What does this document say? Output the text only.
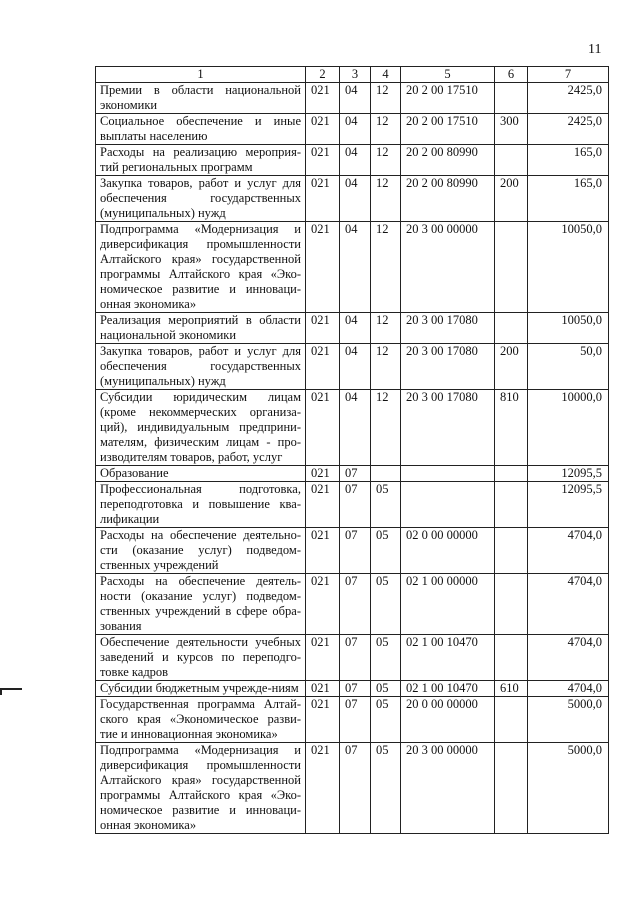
11
1	2	3	4	5	6	7
Премии в области национальной экономики	021	04	12	20 2 00 17510		2425,0
Социальное обеспечение и иные выплаты населению	021	04	12	20 2 00 17510	300	2425,0
Расходы на реализацию мероприя-тий региональных программ	021	04	12	20 2 00 80990		165,0
Закупка товаров, работ и услуг для обеспечения государственных (муниципальных) нужд	021	04	12	20 2 00 80990	200	165,0
Подпрограмма «Модернизация и диверсификация промышленности Алтайского края» государственной программы Алтайского края «Эко-номическое развитие и инноваци-онная экономика»	021	04	12	20 3 00 00000		10050,0
Реализация мероприятий в области национальной экономики	021	04	12	20 3 00 17080		10050,0
Закупка товаров, работ и услуг для обеспечения государственных (муниципальных) нужд	021	04	12	20 3 00 17080	200	50,0
Субсидии юридическим лицам (кроме некоммерческих организа-ций), индивидуальным предприни-мателям, физическим лицам - про-изводителям товаров, работ, услуг	021	04	12	20 3 00 17080	810	10000,0
Образование	021	07				12095,5
Профессиональная подготовка, переподготовка и повышение ква-лификации	021	07	05			12095,5
Расходы на обеспечение деятельно-сти (оказание услуг) подведом-ственных учреждений	021	07	05	02 0 00 00000		4704,0
Расходы на обеспечение деятель-ности (оказание услуг) подведом-ственных учреждений в сфере обра-зования	021	07	05	02 1 00 00000		4704,0
Обеспечение деятельности учебных заведений и курсов по переподго-товке кадров	021	07	05	02 1 00 10470		4704,0
Субсидии бюджетным учрежде-ниям	021	07	05	02 1 00 10470	610	4704,0
Государственная программа Алтай-ского края «Экономическое разви-тие и инновационная экономика»	021	07	05	20 0 00 00000		5000,0
Подпрограмма «Модернизация и диверсификация промышленности Алтайского края» государственной программы Алтайского края «Эко-номическое развитие и инноваци-онная экономика»	021	07	05	20 3 00 00000		5000,0
